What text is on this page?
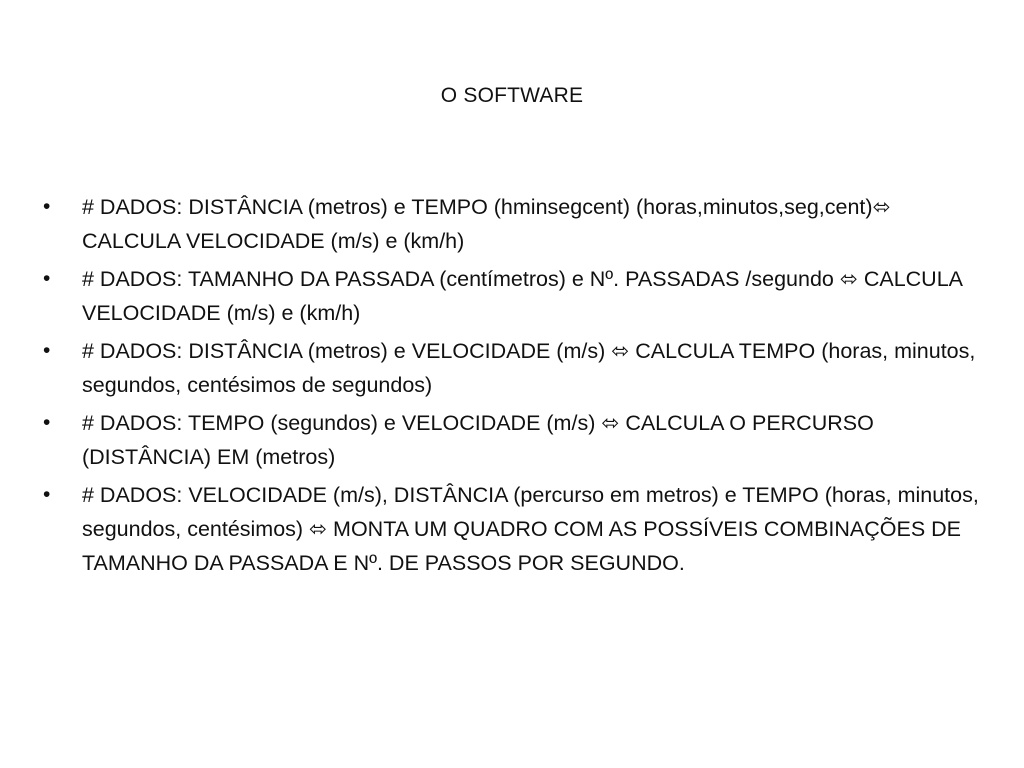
O SOFTWARE
•	# DADOS: DISTÂNCIA (metros) e TEMPO (hminsegcent) (horas,minutos,seg,cent)⬄ CALCULA VELOCIDADE (m/s) e (km/h)
•	# DADOS: TAMANHO DA PASSADA (centímetros) e Nº. PASSADAS /segundo ⬄ CALCULA VELOCIDADE (m/s) e (km/h)
•	# DADOS: DISTÂNCIA (metros) e VELOCIDADE (m/s) ⬄ CALCULA TEMPO (horas, minutos, segundos, centésimos de segundos)
•	# DADOS: TEMPO (segundos) e VELOCIDADE (m/s) ⬄ CALCULA O PERCURSO (DISTÂNCIA) EM (metros)
•	# DADOS: VELOCIDADE (m/s), DISTÂNCIA (percurso em metros) e TEMPO (horas, minutos, segundos, centésimos) ⬄ MONTA UM QUADRO COM AS POSSÍVEIS COMBINAÇÕES DE TAMANHO DA PASSADA E Nº. DE PASSOS POR SEGUNDO.
